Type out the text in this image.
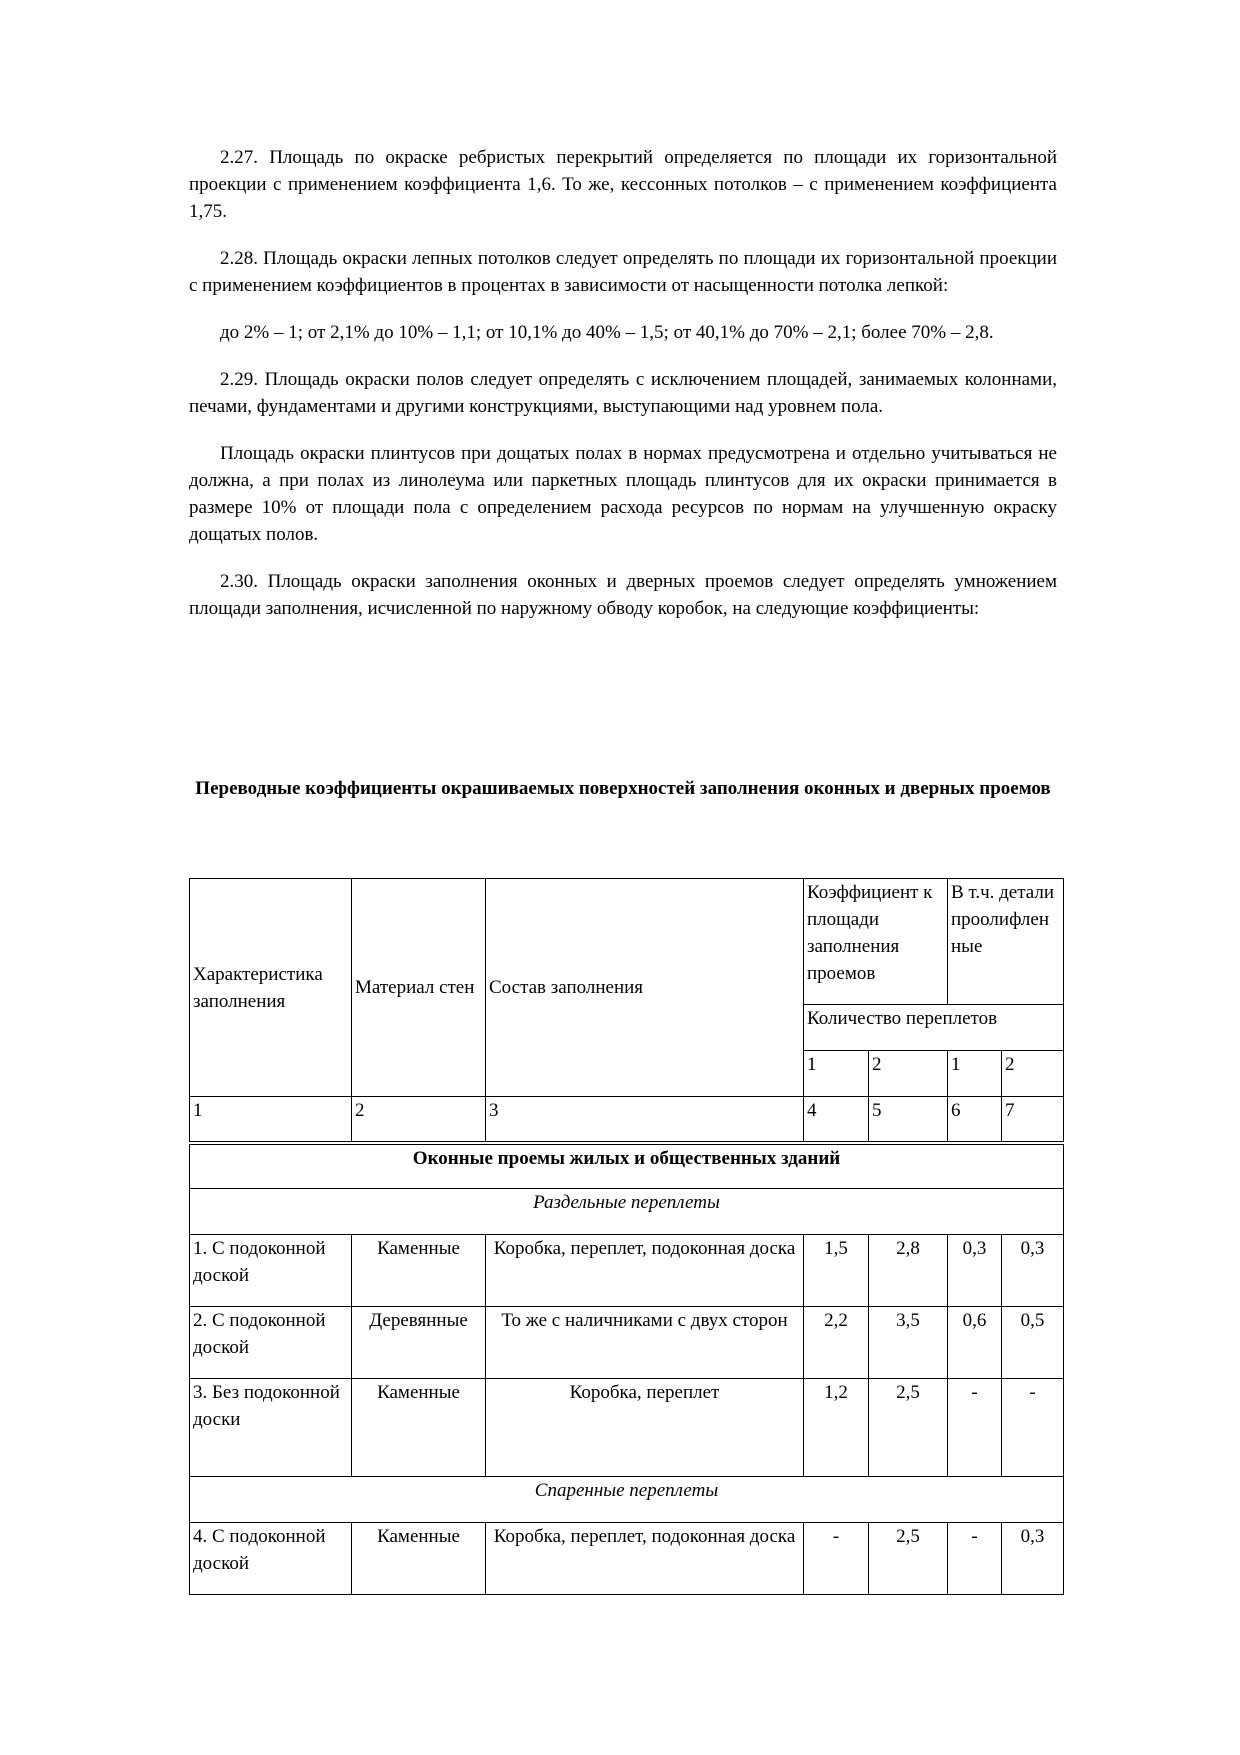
2.27. Площадь по окраске ребристых перекрытий определяется по площади их горизонтальной проекции с применением коэффициента 1,6. То же, кессонных потолков – с применением коэффициента 1,75.

2.28. Площадь окраски лепных потолков следует определять по площади их горизонтальной проекции с применением коэффициентов в процентах в зависимости от насыщенности потолка лепкой:

до 2% – 1; от 2,1% до 10% – 1,1; от 10,1% до 40% – 1,5; от 40,1% до 70% – 2,1; более 70% – 2,8.

2.29. Площадь окраски полов следует определять с исключением площадей, занимаемых колоннами, печами, фундаментами и другими конструкциями, выступающими над уровнем пола.

Площадь окраски плинтусов при дощатых полах в нормах предусмотрена и отдельно учитываться не должна, а при полах из линолеума или паркетных площадь плинтусов для их окраски принимается в размере 10% от площади пола с определением расхода ресурсов по нормам на улучшенную окраску дощатых полов.

2.30. Площадь окраски заполнения оконных и дверных проемов следует определять умножением площади заполнения, исчисленной по наружному обводу коробок, на следующие коэффициенты:

Переводные коэффициенты окрашиваемых поверхностей заполнения оконных и дверных проемов

Характеристика заполнения	Материал стен	Состав заполнения	Коэффициент к площади заполнения проемов		В т.ч. детали проолифлен ные	
			Количество переплетов			
			1	2	1	2
1	2	3	4	5	6	7
Оконные проемы жилых и общественных зданий						
Раздельные переплеты						
1. С подоконной доской	Каменные	Коробка, переплет, подоконная доска	1,5	2,8	0,3	0,3
2. С подоконной доской	Деревянные	То же с наличниками с двух сторон	2,2	3,5	0,6	0,5
3. Без подоконной доски	Каменные	Коробка, переплет	1,2	2,5	-	-
Спаренные переплеты						
4. С подоконной доской	Каменные	Коробка, переплет, подоконная доска	-	2,5	-	0,3
